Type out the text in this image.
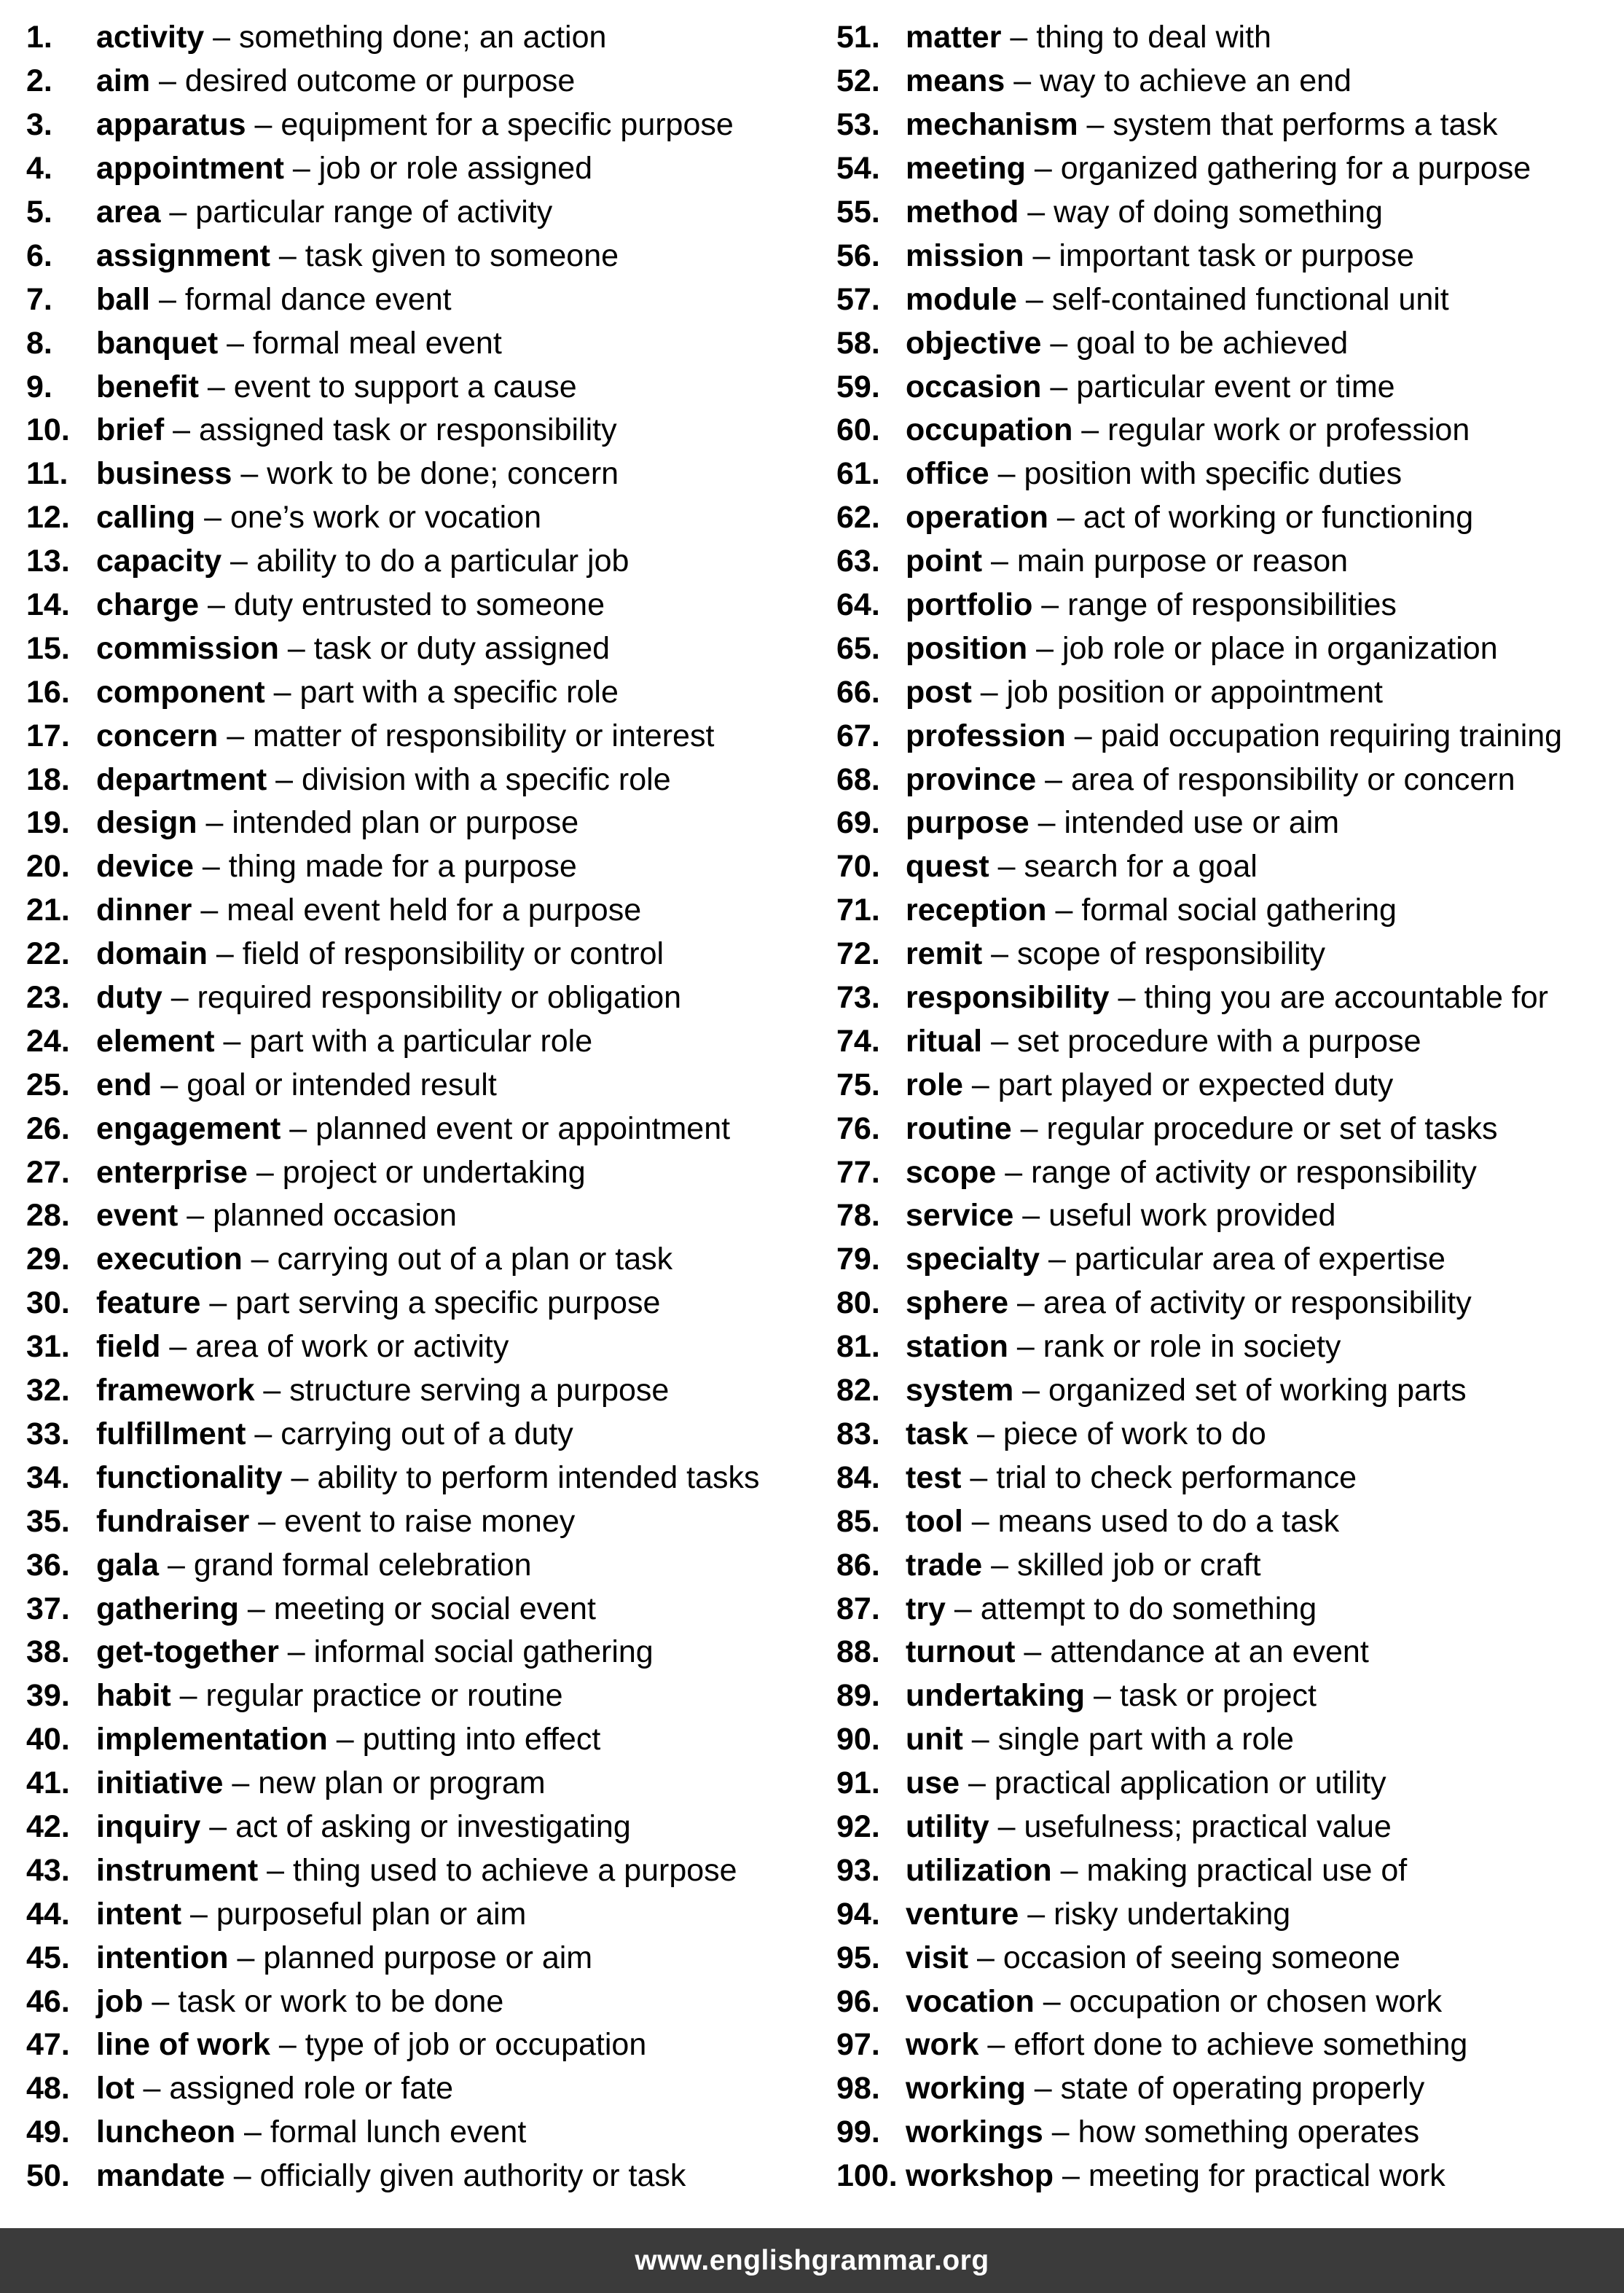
1.	activity – something done; an action
2.	aim – desired outcome or purpose
3.	apparatus – equipment for a specific purpose
4.	appointment – job or role assigned
5.	area – particular range of activity
6.	assignment – task given to someone
7.	ball – formal dance event
8.	banquet – formal meal event
9.	benefit – event to support a cause
10. brief – assigned task or responsibility
11. business – work to be done; concern
12. calling – one’s work or vocation
13. capacity – ability to do a particular job
14. charge – duty entrusted to someone
15. commission – task or duty assigned
16. component – part with a specific role
17. concern – matter of responsibility or interest
18. department – division with a specific role
19. design – intended plan or purpose
20. device – thing made for a purpose
21. dinner – meal event held for a purpose
22. domain – field of responsibility or control
23. duty – required responsibility or obligation
24. element – part with a particular role
25. end – goal or intended result
26. engagement – planned event or appointment
27. enterprise – project or undertaking
28. event – planned occasion
29. execution – carrying out of a plan or task
30. feature – part serving a specific purpose
31. field – area of work or activity
32. framework – structure serving a purpose
33. fulfillment – carrying out of a duty
34. functionality – ability to perform intended tasks
35. fundraiser – event to raise money
36. gala – grand formal celebration
37. gathering – meeting or social event
38. get-together – informal social gathering
39. habit – regular practice or routine
40. implementation – putting into effect
41. initiative – new plan or program
42. inquiry – act of asking or investigating
43. instrument – thing used to achieve a purpose
44. intent – purposeful plan or aim
45. intention – planned purpose or aim
46. job – task or work to be done
47. line of work – type of job or occupation
48. lot – assigned role or fate
49. luncheon – formal lunch event
50. mandate – officially given authority or task
51. matter – thing to deal with
52. means – way to achieve an end
53. mechanism – system that performs a task
54. meeting – organized gathering for a purpose
55. method – way of doing something
56. mission – important task or purpose
57. module – self-contained functional unit
58. objective – goal to be achieved
59. occasion – particular event or time
60. occupation – regular work or profession
61. office – position with specific duties
62. operation – act of working or functioning
63. point – main purpose or reason
64. portfolio – range of responsibilities
65. position – job role or place in organization
66. post – job position or appointment
67. profession – paid occupation requiring training
68. province – area of responsibility or concern
69. purpose – intended use or aim
70. quest – search for a goal
71. reception – formal social gathering
72. remit – scope of responsibility
73. responsibility – thing you are accountable for
74. ritual – set procedure with a purpose
75. role – part played or expected duty
76. routine – regular procedure or set of tasks
77. scope – range of activity or responsibility
78. service – useful work provided
79. specialty – particular area of expertise
80. sphere – area of activity or responsibility
81. station – rank or role in society
82. system – organized set of working parts
83. task – piece of work to do
84. test – trial to check performance
85. tool – means used to do a task
86. trade – skilled job or craft
87. try – attempt to do something
88. turnout – attendance at an event
89. undertaking – task or project
90. unit – single part with a role
91. use – practical application or utility
92. utility – usefulness; practical value
93. utilization – making practical use of
94. venture – risky undertaking
95. visit – occasion of seeing someone
96. vocation – occupation or chosen work
97. work – effort done to achieve something
98. working – state of operating properly
99. workings – how something operates
100. workshop – meeting for practical work
www.englishgrammar.org
